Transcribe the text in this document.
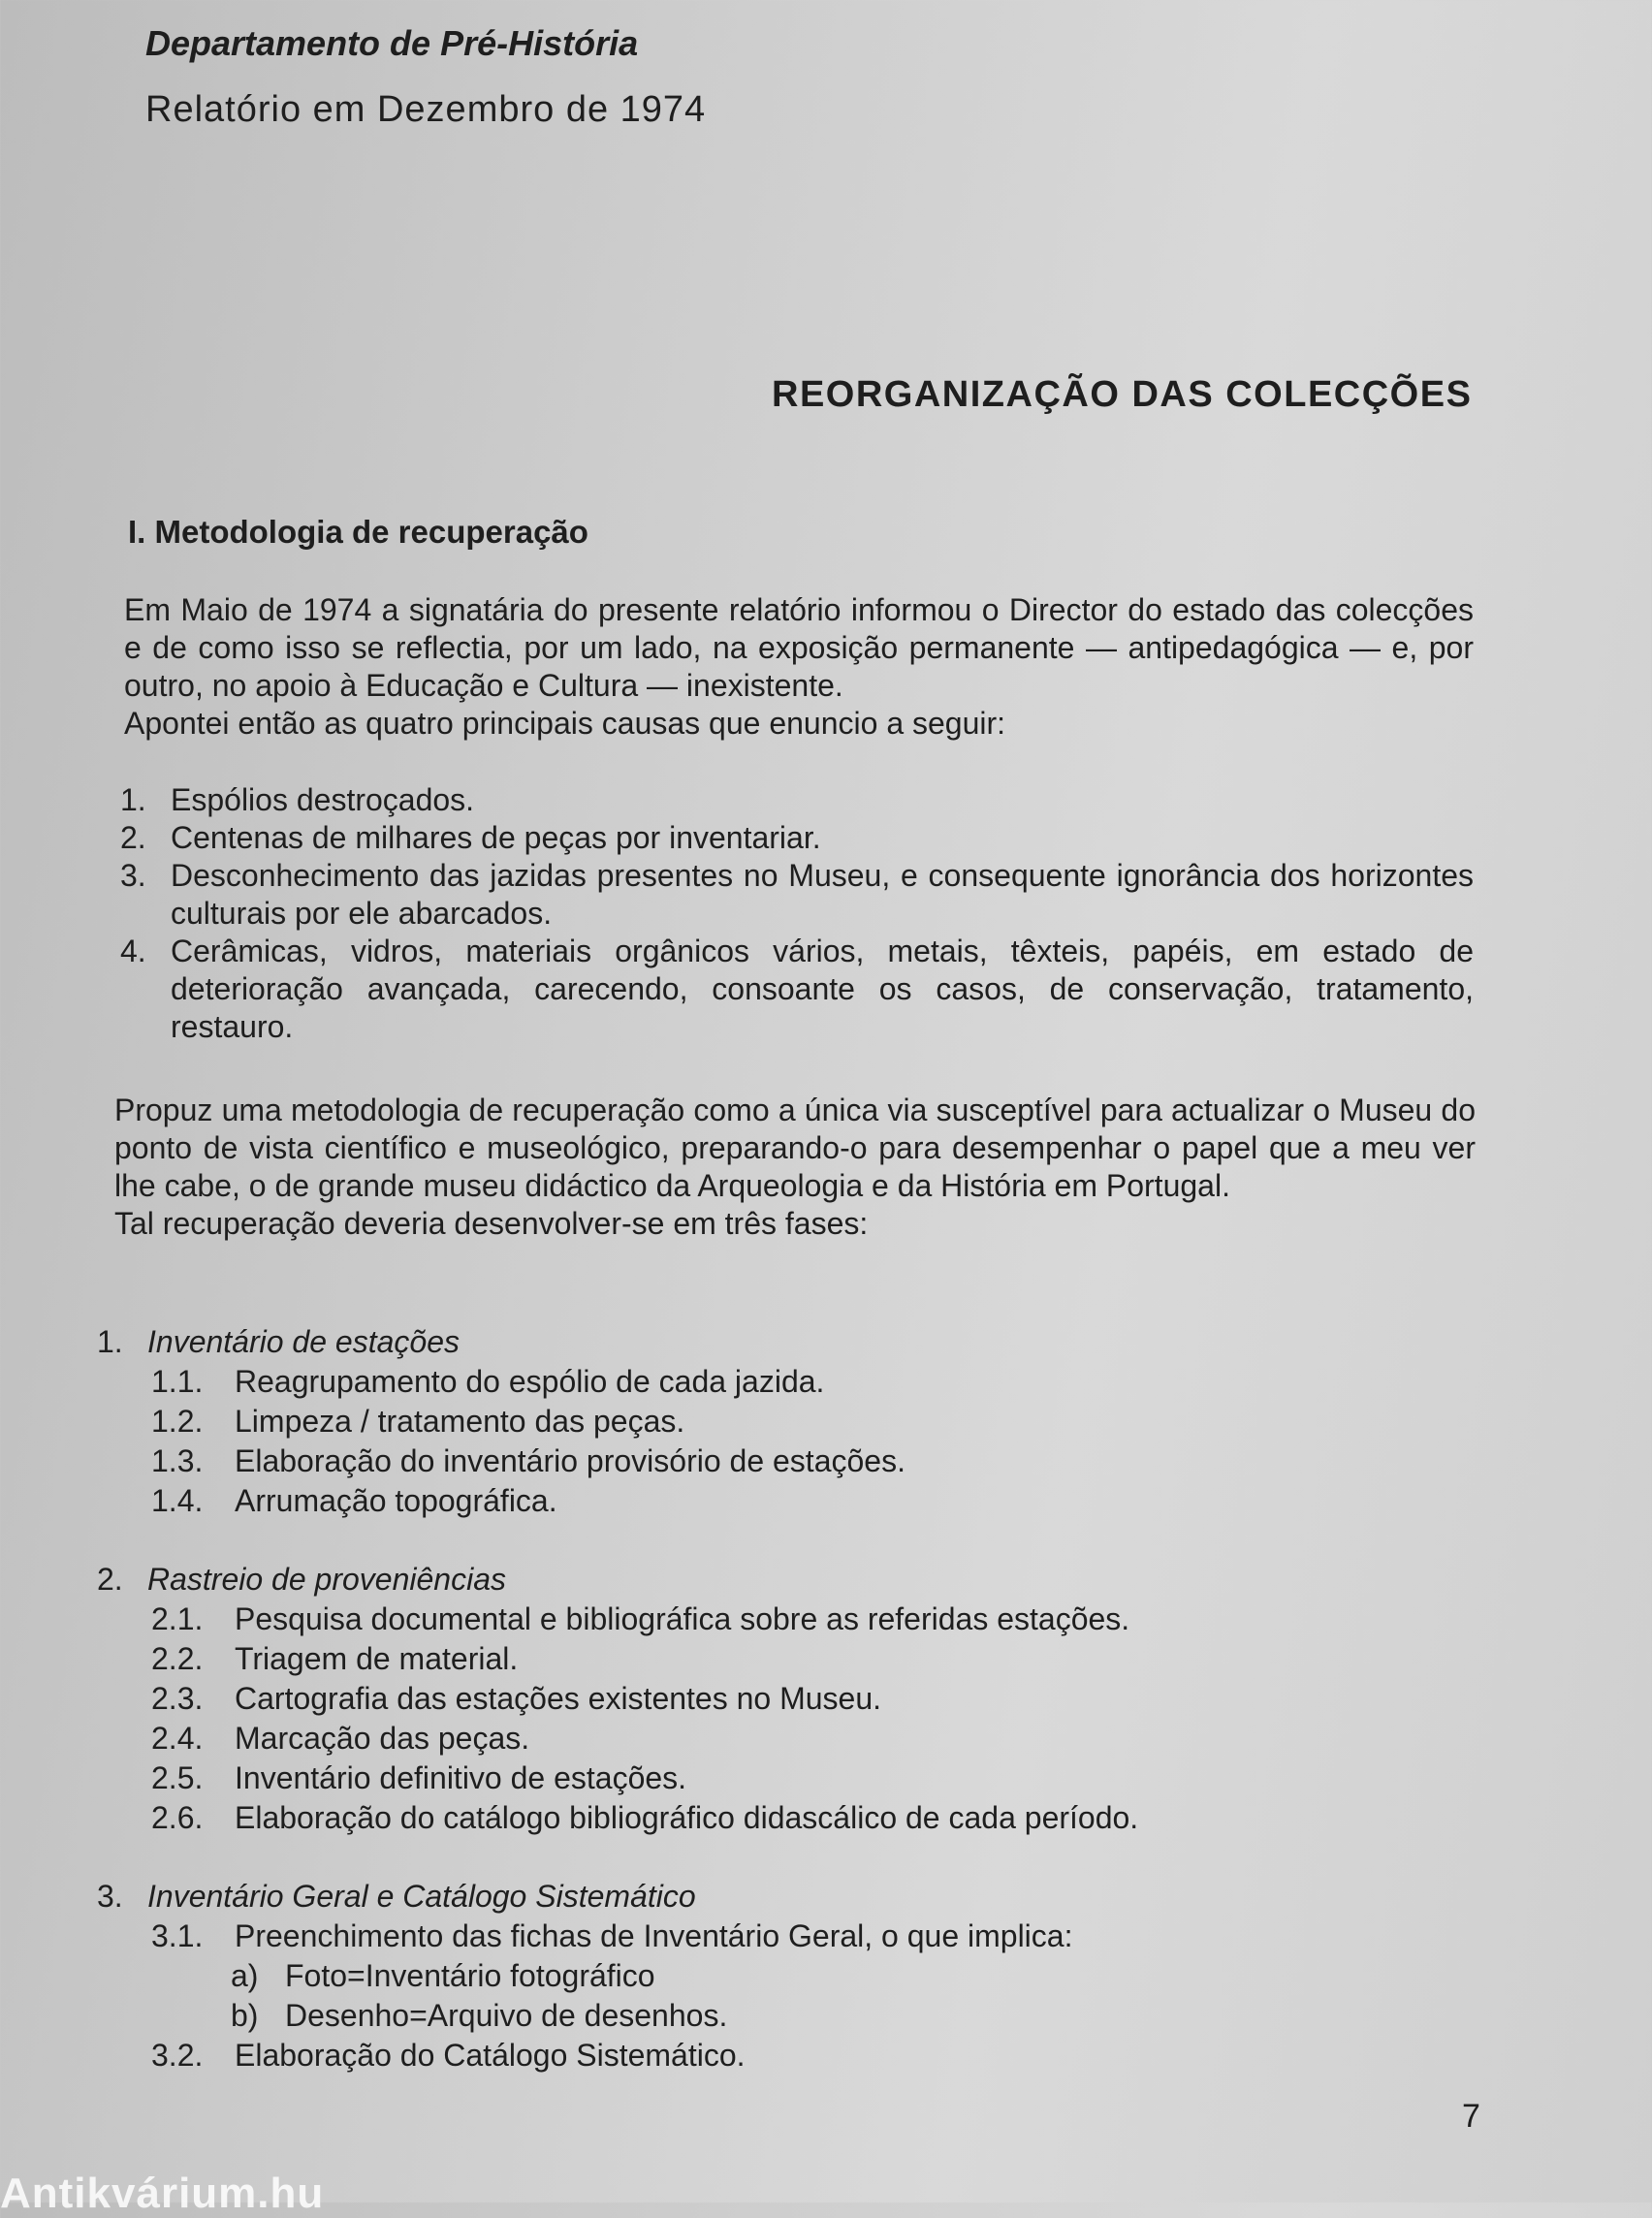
Departamento de Pré-História
Relatório em Dezembro de 1974
REORGANIZAÇÃO DAS COLECÇÕES
I. Metodologia de recuperação
Em Maio de 1974 a signatária do presente relatório informou o Director do estado das colecções e de como isso se reflectia, por um lado, na exposição permanente — antipedagógica — e, por outro, no apoio à Educação e Cultura — inexistente.
Apontei então as quatro principais causas que enuncio a seguir:
1. Espólios destroçados.
2. Centenas de milhares de peças por inventariar.
3. Desconhecimento das jazidas presentes no Museu, e consequente ignorância dos horizontes culturais por ele abarcados.
4. Cerâmicas, vidros, materiais orgânicos vários, metais, têxteis, papéis, em estado de deterioração avançada, carecendo, consoante os casos, de conservação, tratamento, restauro.
Propuz uma metodologia de recuperação como a única via susceptível para actualizar o Museu do ponto de vista científico e museológico, preparando-o para desempenhar o papel que a meu ver lhe cabe, o de grande museu didáctico da Arqueologia e da História em Portugal.
Tal recuperação deveria desenvolver-se em três fases:
1. Inventário de estações
1.1.	Reagrupamento do espólio de cada jazida.
1.2.	Limpeza / tratamento das peças.
1.3.	Elaboração do inventário provisório de estações.
1.4.	Arrumação topográfica.
2. Rastreio de proveniências
2.1.	Pesquisa documental e bibliográfica sobre as referidas estações.
2.2.	Triagem de material.
2.3.	Cartografia das estações existentes no Museu.
2.4.	Marcação das peças.
2.5.	Inventário definitivo de estações.
2.6.	Elaboração do catálogo bibliográfico didascálico de cada período.
3. Inventário Geral e Catálogo Sistemático
3.1.	Preenchimento das fichas de Inventário Geral, o que implica:
a) Foto=Inventário fotográfico
b) Desenho=Arquivo de desenhos.
3.2.	Elaboração do Catálogo Sistemático.
7
Antikvárium.hu
